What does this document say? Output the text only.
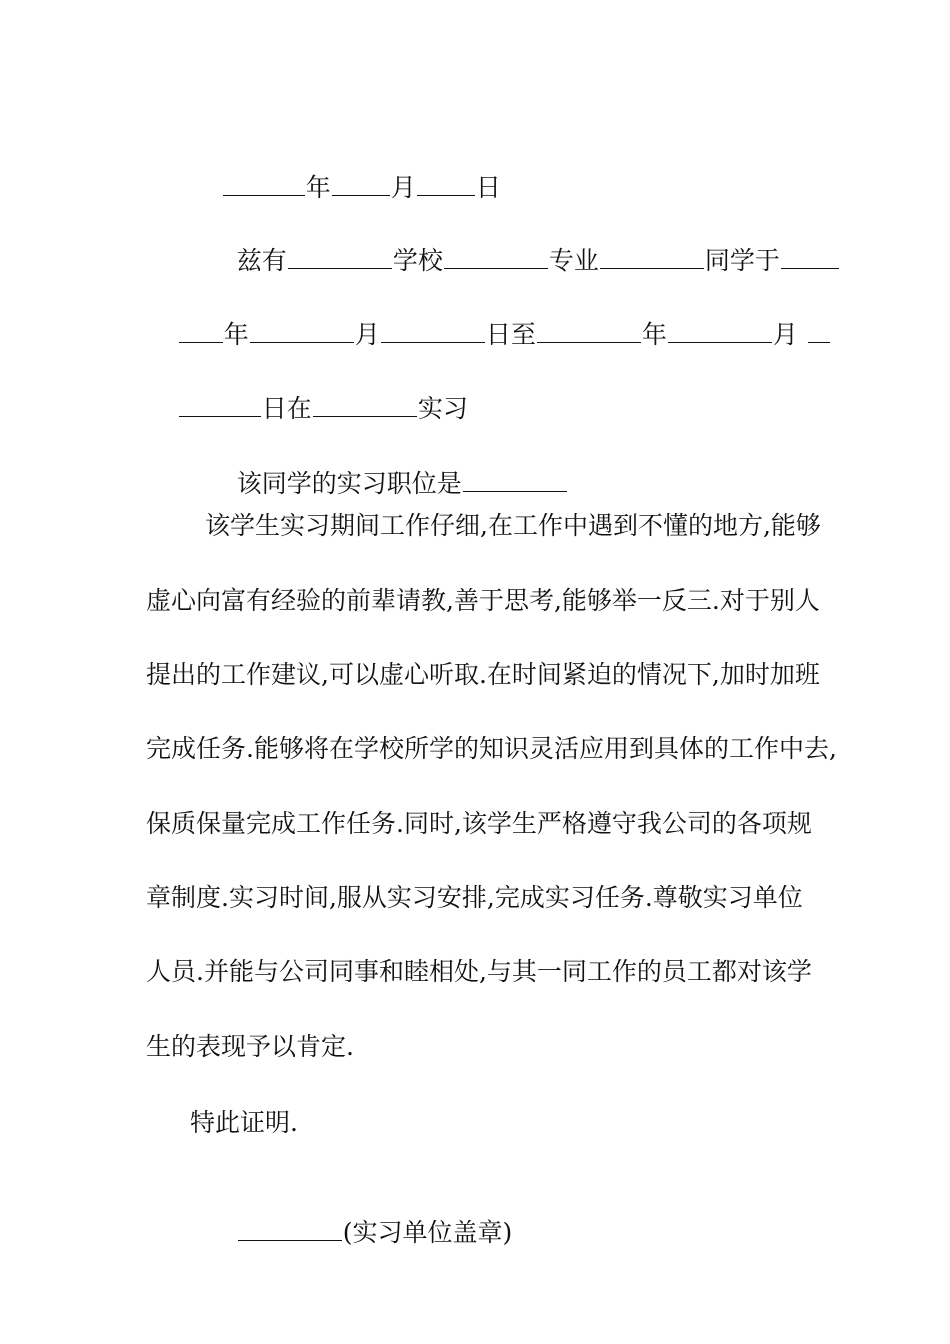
年 月 日

兹有	学校	专业	同学于

年	月	日至	年	月

日在	实习

该同学的实习职位是

该学生实习期间工作仔细,在工作中遇到不懂的地方,能够
虚心向富有经验的前辈请教,善于思考,能够举一反三.对于别人
提出的工作建议,可以虚心听取.在时间紧迫的情况下,加时加班
完成任务.能够将在学校所学的知识灵活应用到具体的工作中去,
保质保量完成工作任务.同时,该学生严格遵守我公司的各项规
章制度.实习时间,服从实习安排,完成实习任务.尊敬实习单位
人员.并能与公司同事和睦相处,与其一同工作的员工都对该学
生的表现予以肯定.
特此证明.

(实习单位盖章)
